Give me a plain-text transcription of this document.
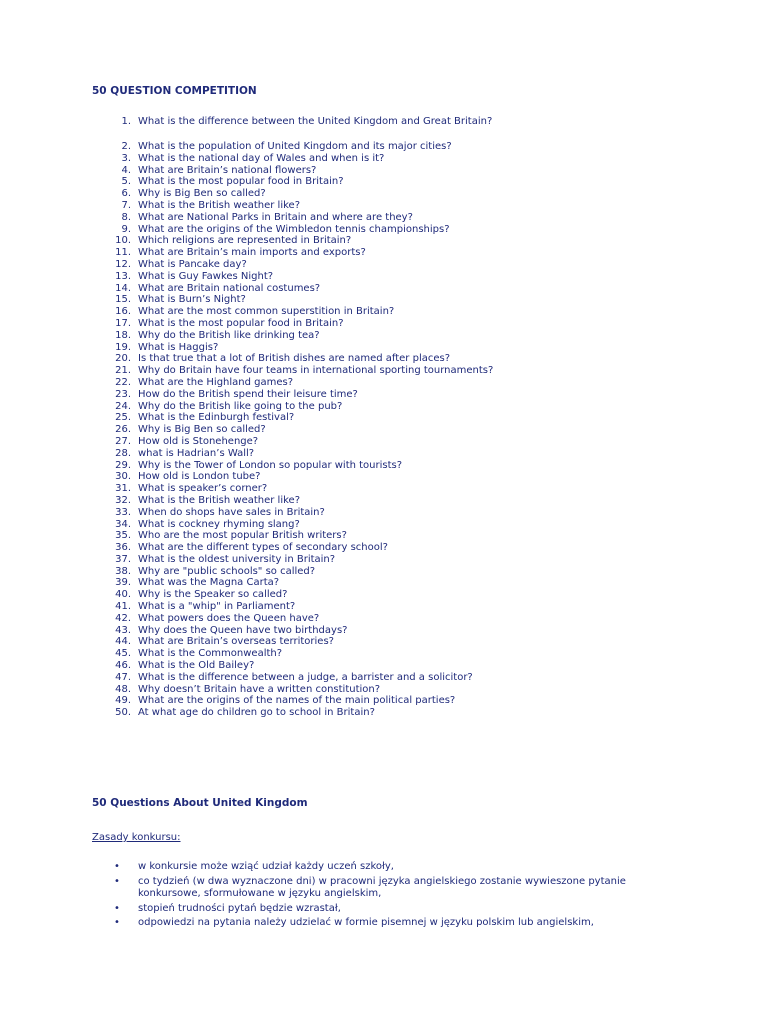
50 QUESTION COMPETITION
1. What is the difference between the United Kingdom and Great Britain?
2. What is the population of United Kingdom and its major cities?
3. What is the national day of Wales and when is it?
4. What are Britain’s national flowers?
5. What is the most popular food in Britain?
6. Why is Big Ben so called?
7. What is the British weather like?
8. What are National Parks in Britain and where are they?
9. What are the origins of the Wimbledon tennis championships?
10. Which religions are represented in Britain?
11. What are Britain’s main imports and exports?
12. What is Pancake day?
13. What is Guy Fawkes Night?
14. What are Britain national costumes?
15. What is Burn’s Night?
16. What are the most common superstition in Britain?
17. What is the most popular food in Britain?
18. Why do the British like drinking tea?
19. What is Haggis?
20. Is that true that a lot of British dishes are named after places?
21. Why do Britain have four teams in international sporting tournaments?
22. What are the Highland games?
23. How do the British spend their leisure time?
24. Why do the British like going to the pub?
25. What is the Edinburgh festival?
26. Why is Big Ben so called?
27. How old is Stonehenge?
28. what is Hadrian’s Wall?
29. Why is the Tower of London so popular with tourists?
30. How old is London tube?
31. What is speaker’s corner?
32. What is the British weather like?
33. When do shops have sales in Britain?
34. What is cockney rhyming slang?
35. Who are the most popular British writers?
36. What are the different types of secondary school?
37. What is the oldest university in Britain?
38. Why are "public schools" so called?
39. What was the Magna Carta?
40. Why is the Speaker so called?
41. What is a "whip" in Parliament?
42. What powers does the Queen have?
43. Why does the Queen have two birthdays?
44. What are Britain’s overseas territories?
45. What is the Commonwealth?
46. What is the Old Bailey?
47. What is the difference between a judge, a barrister and a solicitor?
48. Why doesn’t Britain have a written constitution?
49. What are the origins of the names of the main political parties?
50. At what age do children go to school in Britain?
50 Questions About United Kingdom
Zasady konkursu:
• w konkursie może wziąć udział każdy uczeń szkoły,
• co tydzień (w dwa wyznaczone dni) w pracowni języka angielskiego zostanie wywieszone pytanie konkursowe, sformułowane w języku angielskim,
• stopień trudności pytań będzie wzrastał,
• odpowiedzi na pytania należy udzielać w formie pisemnej w języku polskim lub angielskim,
